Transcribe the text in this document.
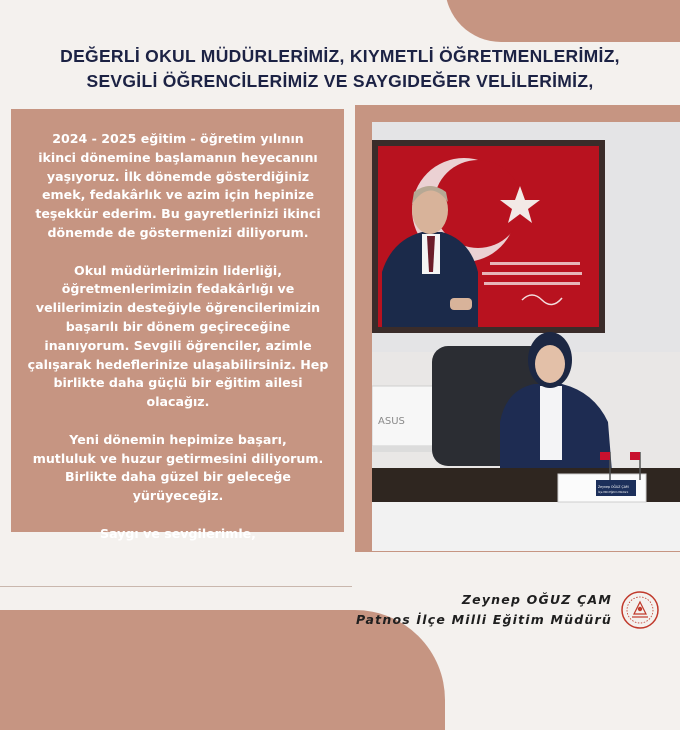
DEĞERLİ OKUL MÜDÜRLERİMİZ, KIYMETLİ ÖĞRETMENLERİMİZ,
SEVGİLİ ÖĞRENCİLERİMİZ VE SAYGIDEĞER VELİLERİMİZ,

2024 - 2025 eğitim - öğretim yılının
ikinci dönemine başlamanın heyecanını
yaşıyoruz. İlk dönemde gösterdiğiniz
emek, fedakârlık ve azim için hepinize
teşekkür ederim. Bu gayretlerinizi ikinci
dönemde de göstermenizi diliyorum.

Okul müdürlerimizin liderliği,
öğretmenlerimizin fedakârlığı ve
velilerimizin desteğiyle öğrencilerimizin
başarılı bir dönem geçireceğine
inanıyorum. Sevgili öğrenciler, azimle
çalışarak hedeflerinize ulaşabilirsiniz. Hep
birlikte daha güçlü bir eğitim ailesi
olacağız.

Yeni dönemin hepimize başarı,
mutluluk ve huzur getirmesini diliyorum.
Birlikte daha güzel bir geleceğe
yürüyeceğiz.

Saygı ve sevgilerimle,

ASUS
Zeynep OĞUZ ÇAM
İlçe Milli Eğitim Müdürü
Zeynep OĞUZ ÇAM
Patnos İlçe Milli Eğitim Müdürü
